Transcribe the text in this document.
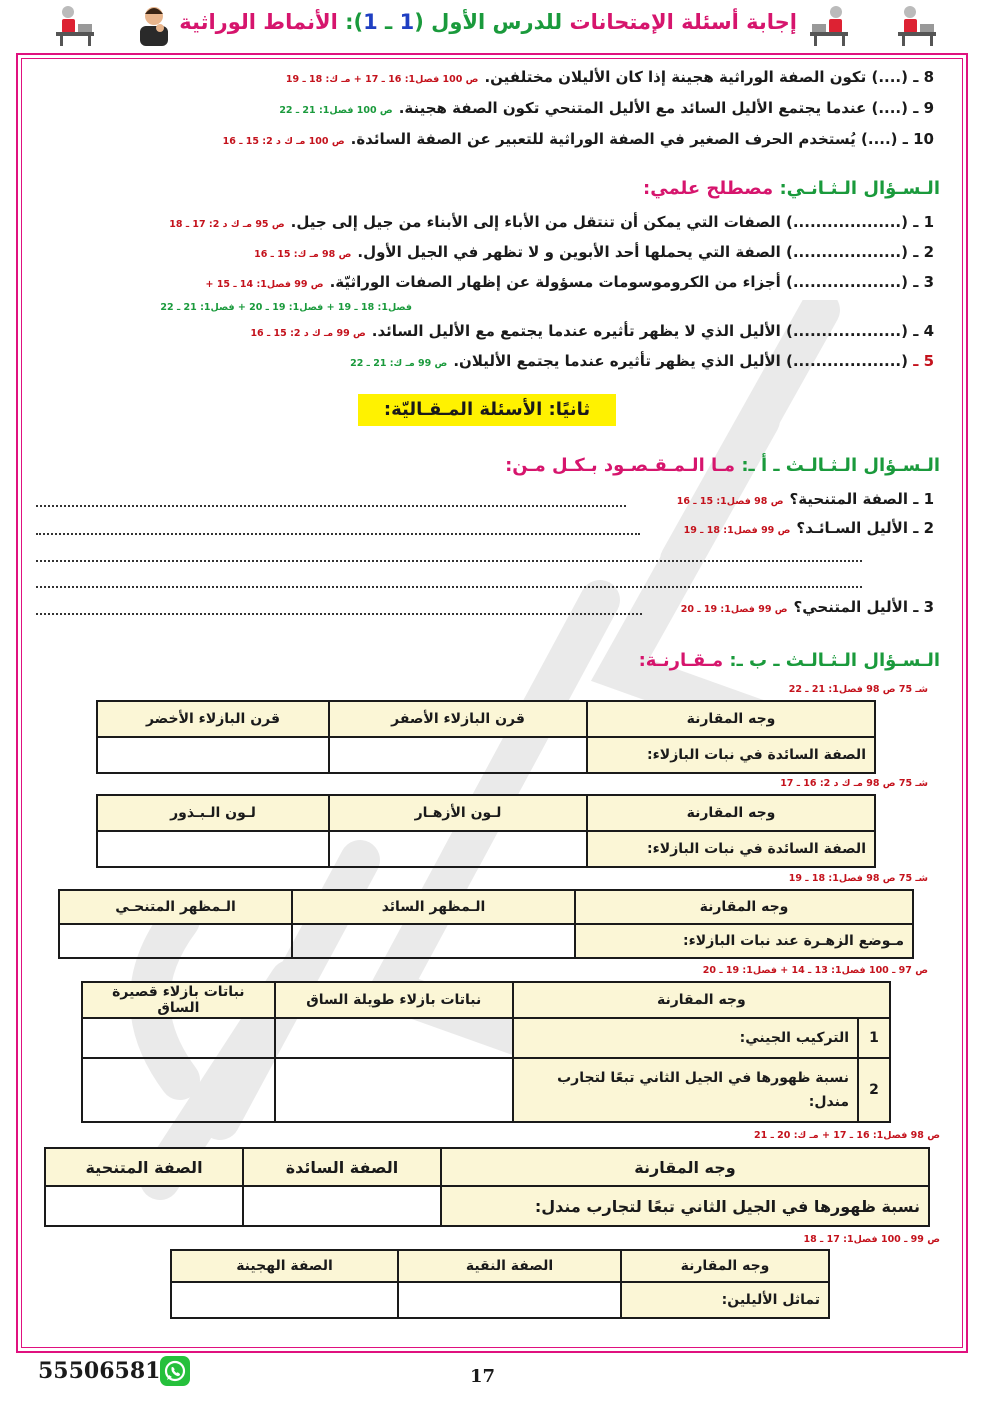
إجابة أسئلة الإمتحانات للدرس الأول (1 ـ 1): الأنماط الوراثية
8 ـ (....) تكون الصفة الوراثية هجينة إذا كان الأليلان مختلفين.ص 100 فصل1: 16 ـ 17 + مـ ك: 18 ـ 19
9 ـ (....) عندما يجتمع الأليل السائد مع الأليل المتنحي تكون الصفة هجينة.ص 100 فصل1: 21 ـ 22
10 ـ (....) يُستخدم الحرف الصغير في الصفة الوراثية للتعبير عن الصفة السائدة.ص 100 مـ ك د 2: 15 ـ 16
الـسـؤال الـثـانـي: مصطلح علمي:
1 ـ (...................) الصفات التي يمكن أن تنتقل من الأباء إلى الأبناء من جيل إلى جيل.ص 95 مـ ك د 2: 17 ـ 18
2 ـ (...................) الصفة التي يحملها أحد الأبوين و لا تظهر في الجيل الأول.ص 98 مـ ك: 15 ـ 16
3 ـ (...................) أجزاء من الكروموسومات مسؤولة عن إظهار الصفات الوراثيّة.ص 99 فصل1: 14 ـ 15 +
فصل1: 18 ـ 19 + فصل1: 19 ـ 20 + فصل1: 21 ـ 22
4 ـ (...................) الأليل الذي لا يظهر تأثيره عندما يجتمع مع الأليل السائد.ص 99 مـ ك د 2: 15 ـ 16
5 ـ (...................) الأليل الذي يظهر تأثيره عندما يجتمع الأليلان.ص 99 مـ ك: 21 ـ 22
ثانيًا: الأسئلة المـقـاليّة:
الـسـؤال الـثـالـث ـ أ ـ: مـا الـمـقـصـود بـكـل مـن:
1 ـ الصفة المتنحية؟ص 98 فصل1: 15 ـ 16
2 ـ الأليل السـائـد؟ص 99 فصل1: 18 ـ 19
3 ـ الأليل المتنحي؟ص 99 فصل1: 19 ـ 20
الـسـؤال الـثـالـث ـ ب ـ: مـقـارنـة:
شـ 75 ص 98 فصل1: 21 ـ 22
وجه المقارنة	قرن البازلاء الأصفر	قرن البازلاء الأخضر
الصفة السائدة في نبات البازلاء:		
شـ 75 ص 98 مـ ك د 2: 16 ـ 17
وجه المقارنة	لـون الأزهـار	لـون الـبـذور
الصفة السائدة في نبات البازلاء:		
شـ 75 ص 98 فصل1: 18 ـ 19
وجه المقارنة	الـمظهر السائد	الـمظهر المتنحـي
مـوضع الزهـرة عند نبات البازلاء:		
ص 97 ـ 100 فصل1: 13 ـ 14 + فصل1: 19 ـ 20
وجه المقارنة		نباتات بازلاء طويلة الساق	نباتات بازلاء قصيرة الساق
1	التركيب الجيني:		
2	نسبة ظهورها في الجيل الثاني تبعًا لتجارب مندل:		
ص 98 فصل1: 16 ـ 17 + مـ ك: 20 ـ 21
وجه المقارنة	الصفة السائدة	الصفة المتنحية
نسبة ظهورها في الجيل الثاني تبعًا لتجارب مندل:		
ص 99 ـ 100 فصل1: 17 ـ 18
وجه المقارنة	الصفة النقية	الصفة الهجينة
تماثل الأليلين:		
55506581	17
